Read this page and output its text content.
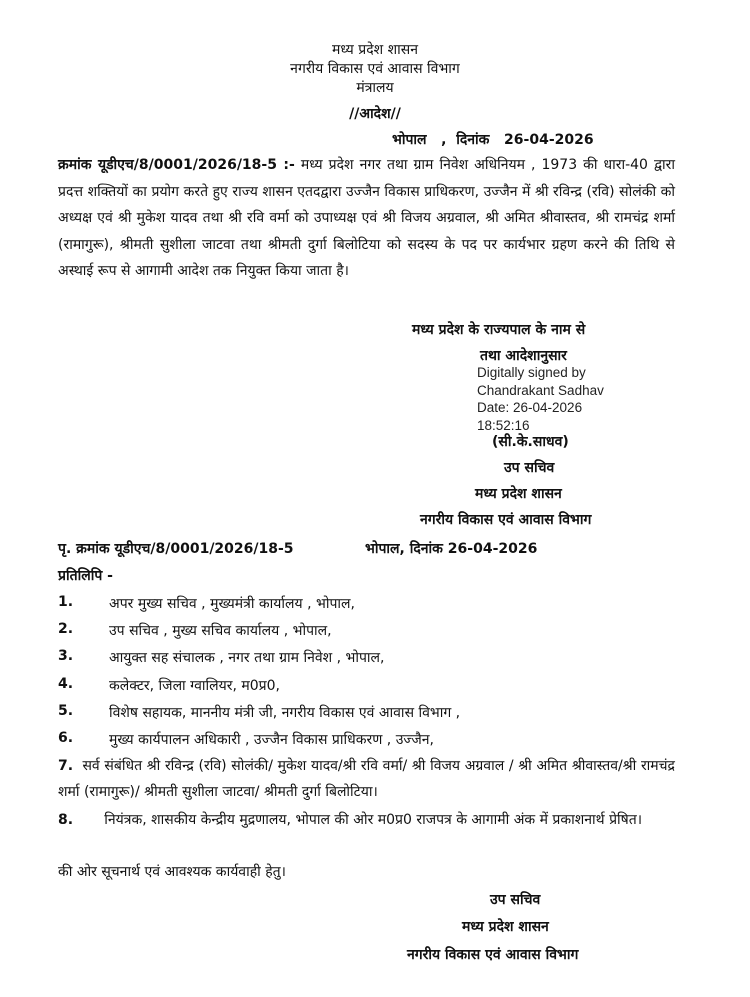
मध्य प्रदेश शासन
नगरीय विकास एवं आवास विभाग
मंत्रालय
//आदेश//
भोपाल   ,  दिनांक   26-04-2026
क्रमांक यूडीएच/8/0001/2026/18-5 :- मध्य प्रदेश नगर तथा ग्राम निवेश अधिनियम , 1973 की धारा-40 द्वारा प्रदत्त शक्तियों का प्रयोग करते हुए राज्य शासन एतदद्वारा उज्जैन विकास प्राधिकरण, उज्जैन में श्री रविन्द्र (रवि) सोलंकी को अध्यक्ष एवं श्री मुकेश यादव तथा श्री रवि वर्मा को उपाध्यक्ष एवं श्री विजय अग्रवाल, श्री अमित श्रीवास्तव, श्री रामचंद्र शर्मा (रामागुरू), श्रीमती सुशीला जाटवा तथा श्रीमती दुर्गा बिलोटिया को सदस्य के पद पर कार्यभार ग्रहण करने की तिथि से अस्थाई रूप से आगामी आदेश तक नियुक्त किया जाता है।
मध्य प्रदेश के राज्यपाल के नाम से
तथा आदेशानुसार
Digitally signed by
Chandrakant Sadhav
Date: 26-04-2026
18:52:16
(सी.के.साधव)
उप सचिव
मध्य प्रदेश शासन
नगरीय विकास एवं आवास विभाग
पृ. क्रमांक यूडीएच/8/0001/2026/18-5	भोपाल, दिनांक 26-04-2026
प्रतिलिपि -
1.	अपर मुख्य सचिव , मुख्यमंत्री कार्यालय , भोपाल,
2.	उप सचिव , मुख्य सचिव कार्यालय , भोपाल,
3.	आयुक्त सह संचालक , नगर तथा ग्राम निवेश , भोपाल,
4.	कलेक्टर, जिला ग्वालियर, म0प्र0,
5.	विशेष सहायक, माननीय मंत्री जी, नगरीय विकास एवं आवास विभाग ,
6.	मुख्य कार्यपालन अधिकारी , उज्जैन विकास प्राधिकरण , उज्जैन,
7. सर्व संबंधित श्री रविन्द्र (रवि) सोलंकी/ मुकेश यादव/श्री रवि वर्मा/ श्री विजय अग्रवाल / श्री अमित श्रीवास्तव/श्री रामचंद्र शर्मा (रामागुरू)/ श्रीमती सुशीला जाटवा/ श्रीमती दुर्गा बिलोटिया।
8. नियंत्रक, शासकीय केन्द्रीय मुद्रणालय, भोपाल की ओर म0प्र0 राजपत्र के आगामी अंक में प्रकाशनार्थ प्रेषित।
की ओर सूचनार्थ एवं आवश्यक कार्यवाही हेतु।
उप सचिव
मध्य प्रदेश शासन
नगरीय विकास एवं आवास विभाग
